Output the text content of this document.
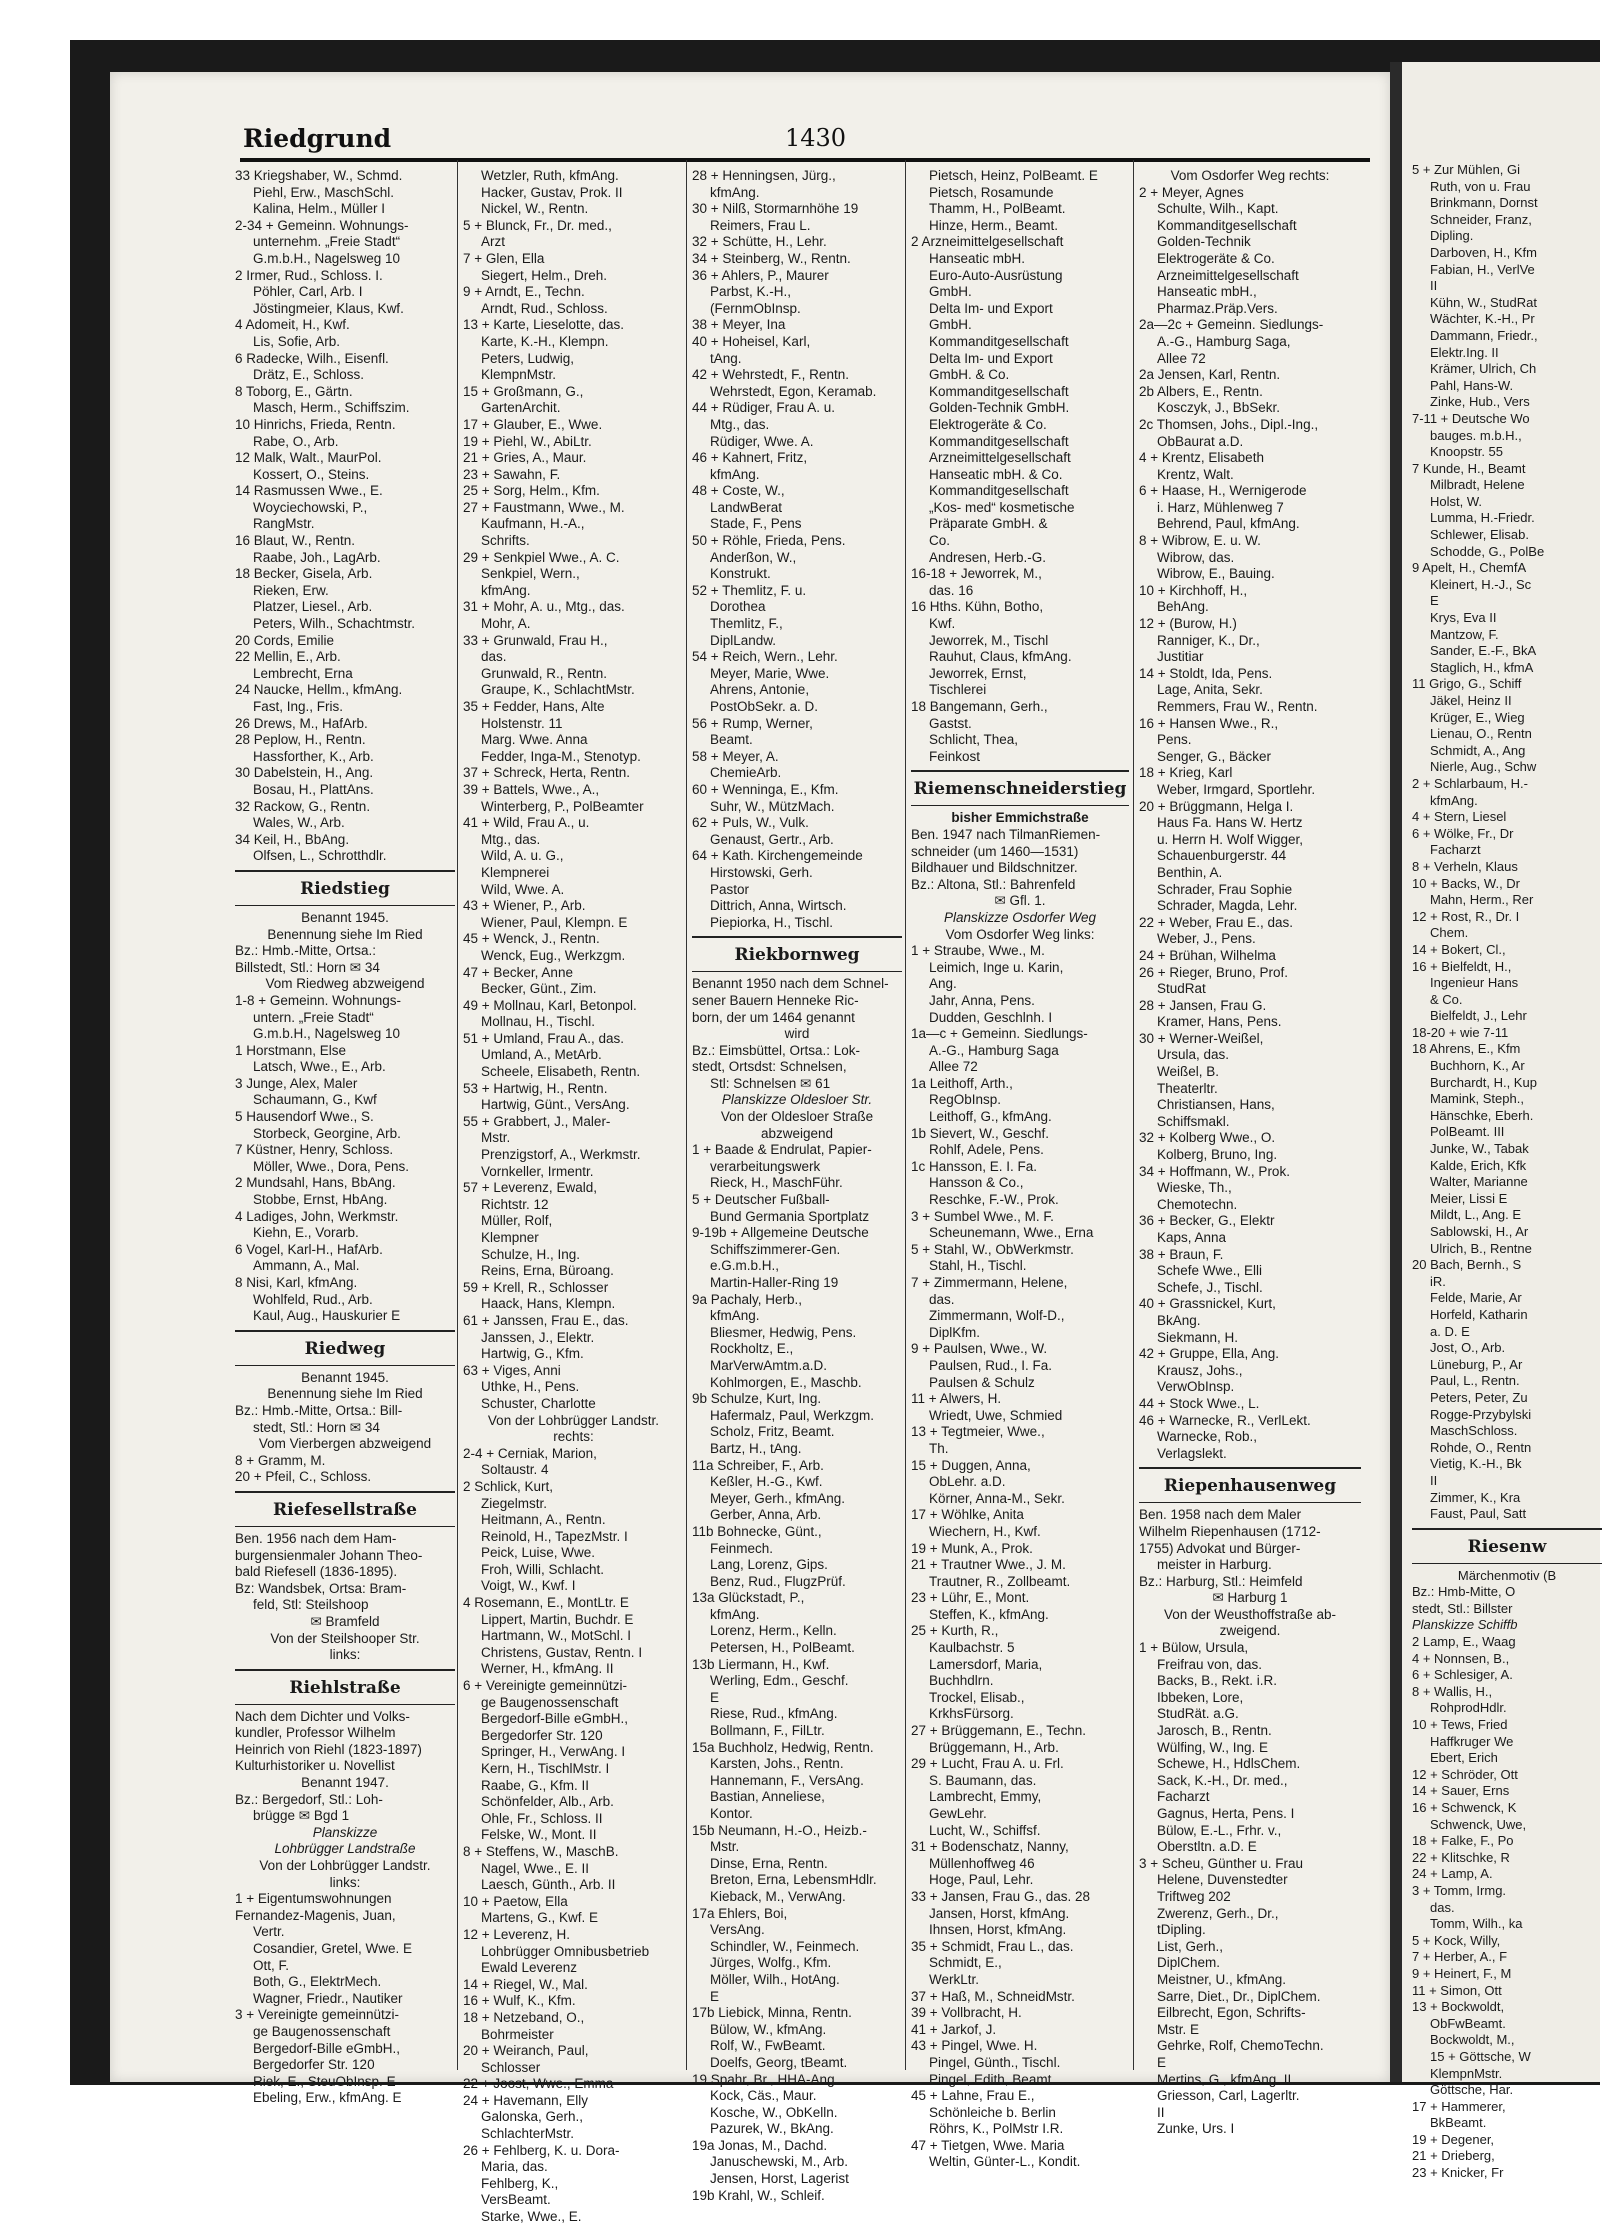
5 + Zur Mühlen, Gi
Ruth, von u. Frau
Brinkmann, Dornst
Schneider, Franz,
Dipling.
Darboven, H., Kfm
Fabian, H., VerlVe
II
Kühn, W., StudRat
Wächter, K.-H., Pr
Dammann, Friedr.,
Elektr.Ing. II
Krämer, Ulrich, Ch
Pahl, Hans-W.
Zinke, Hub., Vers
7-11 + Deutsche Wo
bauges. m.b.H.,
Knoopstr. 55
7 Kunde, H., Beamt
Milbradt, Helene
Holst, W.
Lumma, H.-Friedr.
Schlewer, Elisab.
Schodde, G., PolBe
9 Apelt, H., ChemfA
Kleinert, H.-J., Sc
E
Krys, Eva II
Mantzow, F.
Sander, E.-F., BkA
Staglich, H., kfmA
11 Grigo, G., Schiff
Jäkel, Heinz II
Krüger, E., Wieg
Lienau, O., Rentn
Schmidt, A., Ang
Nierle, Aug., Schw
2 + Schlarbaum, H.-
kfmAng.
4 + Stern, Liesel
6 + Wölke, Fr., Dr
Facharzt
8 + Verheln, Klaus
10 + Backs, W., Dr
Mahn, Herm., Rer
12 + Rost, R., Dr. I
Chem.
14 + Bokert, Cl.,
16 + Bielfeldt, H.,
Ingenieur Hans
& Co.
Bielfeldt, J., Lehr
18-20 + wie 7-11
18 Ahrens, E., Kfm
Buchhorn, K., Ar
Burchardt, H., Kup
Mamink, Steph.,
Hänschke, Eberh.
PolBeamt. III
Junke, W., Tabak
Kalde, Erich, Kfk
Walter, Marianne
Meier, Lissi E
Mildt, L., Ang. E
Sablowski, H., Ar
Ulrich, B., Rentne
20 Bach, Bernh., S
iR.
Felde, Marie, Ar
Horfeld, Katharin
a. D. E
Jost, O., Arb.
Lüneburg, P., Ar
Paul, L., Rentn.
Peters, Peter, Zu
Rogge-Przybylski
MaschSchloss.
Rohde, O., Rentn
Vietig, K.-H., Bk
II
Zimmer, K., Kra
Faust, Paul, Satt
Riesenw
Märchenmotiv (B
Bz.: Hmb-Mitte, O
stedt, Stl.: Billster
Planskizze Schiffb
2 Lamp, E., Waag
4 + Nonnsen, B.,
6 + Schlesiger, A.
8 + Wallis, H.,
RohprodHdlr.
10 + Tews, Fried
Haffkruger We
Ebert, Erich
12 + Schröder, Ott
14 + Sauer, Erns
16 + Schwenck, K
Schwenck, Uwe,
18 + Falke, F., Po
22 + Klitschke, R
24 + Lamp, A.
3 + Tomm, Irmg.
das.
Tomm, Wilh., ka
5 + Kock, Willy,
7 + Herber, A., F
9 + Heinert, F., M
11 + Simon, Ott
13 + Bockwoldt,
ObFwBeamt.
Bockwoldt, M.,
15 + Göttsche, W
KlempnMstr.
Göttsche, Har.
17 + Hammerer,
BkBeamt.
19 + Degener,
21 + Drieberg,
23 + Knicker, Fr
Riedgrund	1430
33 Kriegshaber, W., Schmd.
Piehl, Erw., MaschSchl.
Kalina, Helm., Müller I
2-34 + Gemeinn. Wohnungs-
unternehm. „Freie Stadt“
G.m.b.H., Nagelsweg 10
2 Irmer, Rud., Schloss. I.
Pöhler, Carl, Arb. I
Jöstingmeier, Klaus, Kwf.
4 Adomeit, H., Kwf.
Lis, Sofie, Arb.
6 Radecke, Wilh., Eisenfl.
Drätz, E., Schloss.
8 Toborg, E., Gärtn.
Masch, Herm., Schiffszim.
10 Hinrichs, Frieda, Rentn.
Rabe, O., Arb.
12 Malk, Walt., MaurPol.
Kossert, O., Steins.
14 Rasmussen Wwe., E.
Woyciechowski, P.,
RangMstr.
16 Blaut, W., Rentn.
Raabe, Joh., LagArb.
18 Becker, Gisela, Arb.
Rieken, Erw.
Platzer, Liesel., Arb.
Peters, Wilh., Schachtmstr.
20 Cords, Emilie
22 Mellin, E., Arb.
Lembrecht, Erna
24 Naucke, Hellm., kfmAng.
Fast, Ing., Fris.
26 Drews, M., HafArb.
28 Peplow, H., Rentn.
Hassforther, K., Arb.
30 Dabelstein, H., Ang.
Bosau, H., PlattAns.
32 Rackow, G., Rentn.
Wales, W., Arb.
34 Keil, H., BbAng.
Olfsen, L., Schrotthdlr.
Riedstieg
Benannt 1945.
Benennung siehe Im Ried
Bz.: Hmb.-Mitte, Ortsa.:
Billstedt, Stl.: Horn ✉ 34
Vom Riedweg abzweigend
1-8 + Gemeinn. Wohnungs-
untern. „Freie Stadt“
G.m.b.H., Nagelsweg 10
1 Horstmann, Else
Latsch, Wwe., E., Arb.
3 Junge, Alex, Maler
Schaumann, G., Kwf
5 Hausendorf Wwe., S.
Storbeck, Georgine, Arb.
7 Küstner, Henry, Schloss.
Möller, Wwe., Dora, Pens.
2 Mundsahl, Hans, BbAng.
Stobbe, Ernst, HbAng.
4 Ladiges, John, Werkmstr.
Kiehn, E., Vorarb.
6 Vogel, Karl-H., HafArb.
Ammann, A., Mal.
8 Nisi, Karl, kfmAng.
Wohlfeld, Rud., Arb.
Kaul, Aug., Hauskurier E
Riedweg
Benannt 1945.
Benennung siehe Im Ried
Bz.: Hmb.-Mitte, Ortsa.: Bill-
stedt, Stl.: Horn ✉ 34
Vom Vierbergen abzweigend
8 + Gramm, M.
20 + Pfeil, C., Schloss.
Riefesellstraße
Ben. 1956 nach dem Ham-
burgensienmaler Johann Theo-
bald Riefesell (1836-1895).
Bz: Wandsbek, Ortsa: Bram-
feld, Stl: Steilshoop
✉ Bramfeld
Von der Steilshooper Str.
links:
Riehlstraße
Nach dem Dichter und Volks-
kundler, Professor Wilhelm
Heinrich von Riehl (1823-1897)
Kulturhistoriker u. Novellist
Benannt 1947.
Bz.: Bergedorf, Stl.: Loh-
brügge ✉ Bgd 1
Planskizze
Lohbrügger Landstraße
Von der Lohbrügger Landstr.
links:
1 + Eigentumswohnungen
Fernandez-Magenis, Juan,
Vertr.
Cosandier, Gretel, Wwe. E
Ott, F.
Both, G., ElektrMech.
Wagner, Friedr., Nautiker
3 + Vereinigte gemeinnützi-
ge Baugenossenschaft
Bergedorf-Bille eGmbH.,
Bergedorfer Str. 120
Riek, E., SteuObInsp. E
Ebeling, Erw., kfmAng. E
Wetzler, Ruth, kfmAng.
Hacker, Gustav, Prok. II
Nickel, W., Rentn.
5 + Blunck, Fr., Dr. med.,
Arzt
7 + Glen, Ella
Siegert, Helm., Dreh.
9 + Arndt, E., Techn.
Arndt, Rud., Schloss.
13 + Karte, Lieselotte, das.
Karte, K.-H., Klempn.
Peters, Ludwig,
KlempnMstr.
15 + Großmann, G.,
GartenArchit.
17 + Glauber, E., Wwe.
19 + Piehl, W., AbiLtr.
21 + Gries, A., Maur.
23 + Sawahn, F.
25 + Sorg, Helm., Kfm.
27 + Faustmann, Wwe., M.
Kaufmann, H.-A.,
Schrifts.
29 + Senkpiel Wwe., A. C.
Senkpiel, Wern.,
kfmAng.
31 + Mohr, A. u., Mtg., das.
Mohr, A.
33 + Grunwald, Frau H.,
das.
Grunwald, R., Rentn.
Graupe, K., SchlachtMstr.
35 + Fedder, Hans, Alte
Holstenstr. 11
Marg. Wwe. Anna
Fedder, Inga-M., Stenotyp.
37 + Schreck, Herta, Rentn.
39 + Battels, Wwe., A.,
Winterberg, P., PolBeamter
41 + Wild, Frau A., u.
Mtg., das.
Wild, A. u. G.,
Klempnerei
Wild, Wwe. A.
43 + Wiener, P., Arb.
Wiener, Paul, Klempn. E
45 + Wenck, J., Rentn.
Wenck, Eug., Werkzgm.
47 + Becker, Anne
Becker, Günt., Zim.
49 + Mollnau, Karl, Betonpol.
Mollnau, H., Tischl.
51 + Umland, Frau A., das.
Umland, A., MetArb.
Scheele, Elisabeth, Rentn.
53 + Hartwig, H., Rentn.
Hartwig, Günt., VersAng.
55 + Grabbert, J., Maler-
Mstr.
Prenzigstorf, A., Werkmstr.
Vornkeller, Irmentr.
57 + Leverenz, Ewald,
Richtstr. 12
Müller, Rolf,
Klempner
Schulze, H., Ing.
Reins, Erna, Büroang.
59 + Krell, R., Schlosser
Haack, Hans, Klempn.
61 + Janssen, Frau E., das.
Janssen, J., Elektr.
Hartwig, G., Kfm.
63 + Viges, Anni
Uthke, H., Pens.
Schuster, Charlotte
Von der Lohbrügger Landstr.
rechts:
2-4 + Cerniak, Marion,
Soltaustr. 4
2 Schlick, Kurt,
Ziegelmstr.
Heitmann, A., Rentn.
Reinold, H., TapezMstr. I
Peick, Luise, Wwe.
Froh, Willi, Schlacht.
Voigt, W., Kwf. I
4 Rosemann, E., MontLtr. E
Lippert, Martin, Buchdr. E
Hartmann, W., MotSchl. I
Christens, Gustav, Rentn. I
Werner, H., kfmAng. II
6 + Vereinigte gemeinnützi-
ge Baugenossenschaft
Bergedorf-Bille eGmbH.,
Bergedorfer Str. 120
Springer, H., VerwAng. I
Kern, H., TischlMstr. I
Raabe, G., Kfm. II
Schönfelder, Alb., Arb.
Ohle, Fr., Schloss. II
Felske, W., Mont. II
8 + Steffens, W., MaschB.
Nagel, Wwe., E. II
Laesch, Günth., Arb. II
10 + Paetow, Ella
Martens, G., Kwf. E
12 + Leverenz, H.
Lohbrügger Omnibusbetrieb
Ewald Leverenz
14 + Riegel, W., Mal.
16 + Wulf, K., Kfm.
18 + Netzeband, O.,
Bohrmeister
20 + Weiranch, Paul,
Schlosser
22 + Joost, Wwe., Emma
24 + Havemann, Elly
Galonska, Gerh.,
SchlachterMstr.
26 + Fehlberg, K. u. Dora-
Maria, das.
Fehlberg, K.,
VersBeamt.
Starke, Wwe., E.
28 + Henningsen, Jürg.,
kfmAng.
30 + Nilß, Stormarnhöhe 19
Reimers, Frau L.
32 + Schütte, H., Lehr.
34 + Steinberg, W., Rentn.
36 + Ahlers, P., Maurer
Parbst, K.-H.,
(FernmObInsp.
38 + Meyer, Ina
40 + Hoheisel, Karl,
tAng.
42 + Wehrstedt, F., Rentn.
Wehrstedt, Egon, Keramab.
44 + Rüdiger, Frau A. u.
Mtg., das.
Rüdiger, Wwe. A.
46 + Kahnert, Fritz,
kfmAng.
48 + Coste, W.,
LandwBerat
Stade, F., Pens
50 + Röhle, Frieda, Pens.
Anderßon, W.,
Konstrukt.
52 + Themlitz, F. u.
Dorothea
Themlitz, F.,
DiplLandw.
54 + Reich, Wern., Lehr.
Meyer, Marie, Wwe.
Ahrens, Antonie,
PostObSekr. a. D.
56 + Rump, Werner,
Beamt.
58 + Meyer, A.
ChemieArb.
60 + Wenninga, E., Kfm.
Suhr, W., MützMach.
62 + Puls, W., Vulk.
Genaust, Gertr., Arb.
64 + Kath. Kirchengemeinde
Hirstowski, Gerh.
Pastor
Dittrich, Anna, Wirtsch.
Piepiorka, H., Tischl.
Riekbornweg
Benannt 1950 nach dem Schnel-
sener Bauern Henneke Ric-
born, der um 1464 genannt
wird
Bz.: Eimsbüttel, Ortsa.: Lok-
stedt, Ortsdst: Schnelsen,
Stl: Schnelsen ✉ 61
Planskizze Oldesloer Str.
Von der Oldesloer Straße
abzweigend
1 + Baade & Endrulat, Papier-
verarbeitungswerk
Rieck, H., MaschFühr.
5 + Deutscher Fußball-
Bund Germania Sportplatz
9-19b + Allgemeine Deutsche
Schiffszimmerer-Gen.
e.G.m.b.H.,
Martin-Haller-Ring 19
9a Pachaly, Herb.,
kfmAng.
Bliesmer, Hedwig, Pens.
Rockholtz, E.,
MarVerwAmtm.a.D.
Kohlmorgen, E., Maschb.
9b Schulze, Kurt, Ing.
Hafermalz, Paul, Werkzgm.
Scholz, Fritz, Beamt.
Bartz, H., tAng.
11a Schreiber, F., Arb.
Keßler, H.-G., Kwf.
Meyer, Gerh., kfmAng.
Gerber, Anna, Arb.
11b Bohnecke, Günt.,
Feinmech.
Lang, Lorenz, Gips.
Benz, Rud., FlugzPrüf.
13a Glückstadt, P.,
kfmAng.
Lorenz, Herm., Kelln.
Petersen, H., PolBeamt.
13b Liermann, H., Kwf.
Werling, Edm., Geschf.
E
Riese, Rud., kfmAng.
Bollmann, F., FilLtr.
15a Buchholz, Hedwig, Rentn.
Karsten, Johs., Rentn.
Hannemann, F., VersAng.
Bastian, Anneliese,
Kontor.
15b Neumann, H.-O., Heizb.-
Mstr.
Dinse, Erna, Rentn.
Breton, Erna, LebensmHdlr.
Kieback, M., VerwAng.
17a Ehlers, Boi,
VersAng.
Schindler, W., Feinmech.
Jürges, Wolfg., Kfm.
Möller, Wilh., HotAng.
E
17b Liebick, Minna, Rentn.
Bülow, W., kfmAng.
Rolf, W., FwBeamt.
Doelfs, Georg, tBeamt.
19 Spahr, Br., HHA-Ang.
Kock, Cäs., Maur.
Kosche, W., ObKelln.
Pazurek, W., BkAng.
19a Jonas, M., Dachd.
Januschewski, M., Arb.
Jensen, Horst, Lagerist
19b Krahl, W., Schleif.
Pietsch, Heinz, PolBeamt. E
Pietsch, Rosamunde
Thamm, H., PolBeamt.
Hinze, Herm., Beamt.
2 Arzneimittelgesellschaft
Hanseatic mbH.
Euro-Auto-Ausrüstung
GmbH.
Delta Im- und Export
GmbH.
Kommanditgesellschaft
Delta Im- und Export
GmbH. & Co.
Kommanditgesellschaft
Golden-Technik GmbH.
Elektrogeräte & Co.
Kommanditgesellschaft
Arzneimittelgesellschaft
Hanseatic mbH. & Co.
Kommanditgesellschaft
„Kos- med“ kosmetische
Präparate GmbH. &
Co.
Andresen, Herb.-G.
16-18 + Jeworrek, M.,
das. 16
16 Hths. Kühn, Botho,
Kwf.
Jeworrek, M., Tischl
Rauhut, Claus, kfmAng.
Jeworrek, Ernst,
Tischlerei
18 Bangemann, Gerh.,
Gastst.
Schlicht, Thea,
Feinkost
Riemenschneiderstieg
bisher Emmichstraße
Ben. 1947 nach TilmanRiemen-
schneider (um 1460—1531)
Bildhauer und Bildschnitzer.
Bz.: Altona, Stl.: Bahrenfeld
✉ Gfl. 1.
Planskizze Osdorfer Weg
Vom Osdorfer Weg links:
1 + Straube, Wwe., M.
Leimich, Inge u. Karin,
Ang.
Jahr, Anna, Pens.
Dudden, Geschlnh. I
1a—c + Gemeinn. Siedlungs-
A.-G., Hamburg Saga
Allee 72
1a Leithoff, Arth.,
RegObInsp.
Leithoff, G., kfmAng.
1b Sievert, W., Geschf.
Rohlf, Adele, Pens.
1c Hansson, E. I. Fa.
Hansson & Co.,
Reschke, F.-W., Prok.
3 + Sumbel Wwe., M. F.
Scheunemann, Wwe., Erna
5 + Stahl, W., ObWerkmstr.
Stahl, H., Tischl.
7 + Zimmermann, Helene,
das.
Zimmermann, Wolf-D.,
DiplKfm.
9 + Paulsen, Wwe., W.
Paulsen, Rud., I. Fa.
Paulsen & Schulz
11 + Alwers, H.
Wriedt, Uwe, Schmied
13 + Tegtmeier, Wwe.,
Th.
15 + Duggen, Anna,
ObLehr. a.D.
Körner, Anna-M., Sekr.
17 + Wöhlke, Anita
Wiechern, H., Kwf.
19 + Munk, A., Prok.
21 + Trautner Wwe., J. M.
Trautner, R., Zollbeamt.
23 + Lühr, E., Mont.
Steffen, K., kfmAng.
25 + Kurth, R.,
Kaulbachstr. 5
Lamersdorf, Maria,
Buchhdlrn.
Trockel, Elisab.,
KrkhsFürsorg.
27 + Brüggemann, E., Techn.
Brüggemann, H., Arb.
29 + Lucht, Frau A. u. Frl.
S. Baumann, das.
Lambrecht, Emmy,
GewLehr.
Lucht, W., Schiffsf.
31 + Bodenschatz, Nanny,
Müllenhoffweg 46
Hoge, Paul, Lehr.
33 + Jansen, Frau G., das. 28
Jansen, Horst, kfmAng.
Ihnsen, Horst, kfmAng.
35 + Schmidt, Frau L., das.
Schmidt, E.,
WerkLtr.
37 + Haß, M., SchneidMstr.
39 + Vollbracht, H.
41 + Jarkof, J.
43 + Pingel, Wwe. H.
Pingel, Günth., Tischl.
Pingel, Edith, Beamt.
45 + Lahne, Frau E.,
Schönleiche b. Berlin
Röhrs, K., PolMstr I.R.
47 + Tietgen, Wwe. Maria
Weltin, Günter-L., Kondit.
Vom Osdorfer Weg rechts:
2 + Meyer, Agnes
Schulte, Wilh., Kapt.
Kommanditgesellschaft
Golden-Technik
Elektrogeräte & Co.
Arzneimittelgesellschaft
Hanseatic mbH.,
Pharmaz.Präp.Vers.
2a—2c + Gemeinn. Siedlungs-
A.-G., Hamburg Saga,
Allee 72
2a Jensen, Karl, Rentn.
2b Albers, E., Rentn.
Kosczyk, J., BbSekr.
2c Thomsen, Johs., Dipl.-Ing.,
ObBaurat a.D.
4 + Krentz, Elisabeth
Krentz, Walt.
6 + Haase, H., Wernigerode
i. Harz, Mühlenweg 7
Behrend, Paul, kfmAng.
8 + Wibrow, E. u. W.
Wibrow, das.
Wibrow, E., Bauing.
10 + Kirchhoff, H.,
BehAng.
12 + (Burow, H.)
Ranniger, K., Dr.,
Justitiar
14 + Stoldt, Ida, Pens.
Lage, Anita, Sekr.
Remmers, Frau W., Rentn.
16 + Hansen Wwe., R.,
Pens.
Senger, G., Bäcker
18 + Krieg, Karl
Weber, Irmgard, Sportlehr.
20 + Brüggmann, Helga I.
Haus Fa. Hans W. Hertz
u. Herrn H. Wolf Wigger,
Schauenburgerstr. 44
Benthin, A.
Schrader, Frau Sophie
Schrader, Magda, Lehr.
22 + Weber, Frau E., das.
Weber, J., Pens.
24 + Brühan, Wilhelma
26 + Rieger, Bruno, Prof.
StudRat
28 + Jansen, Frau G.
Kramer, Hans, Pens.
30 + Werner-Weißel,
Ursula, das.
Weißel, B.
Theaterltr.
Christiansen, Hans,
Schiffsmakl.
32 + Kolberg Wwe., O.
Kolberg, Bruno, Ing.
34 + Hoffmann, W., Prok.
Wieske, Th.,
Chemotechn.
36 + Becker, G., Elektr
Kaps, Anna
38 + Braun, F.
Schefe Wwe., Elli
Schefe, J., Tischl.
40 + Grassnickel, Kurt,
BkAng.
Siekmann, H.
42 + Gruppe, Ella, Ang.
Krausz, Johs.,
VerwObInsp.
44 + Stock Wwe., L.
46 + Warnecke, R., VerlLekt.
Warnecke, Rob.,
Verlagslekt.
Riepenhausenweg
Ben. 1958 nach dem Maler
Wilhelm Riepenhausen (1712-
1755) Advokat und Bürger-
meister in Harburg.
Bz.: Harburg, Stl.: Heimfeld
✉ Harburg 1
Von der Weusthoffstraße ab-
zweigend.
1 + Bülow, Ursula,
Freifrau von, das.
Backs, B., Rekt. i.R.
Ibbeken, Lore,
StudRät. a.G.
Jarosch, B., Rentn.
Wülfing, W., Ing. E
Schewe, H., HdlsChem.
Sack, K.-H., Dr. med.,
Facharzt
Gagnus, Herta, Pens. I
Bülow, E.-L., Frhr. v.,
Oberstltn. a.D. E
3 + Scheu, Günther u. Frau
Helene, Duvenstedter
Triftweg 202
Zwerenz, Gerh., Dr.,
tDipling.
List, Gerh.,
DiplChem.
Meistner, U., kfmAng.
Sarre, Diet., Dr., DiplChem.
Eilbrecht, Egon, Schrifts-
Mstr. E
Gehrke, Rolf, ChemoTechn.
E
Mertins, G., kfmAng. II
Griesson, Carl, Lagerltr.
II
Zunke, Urs. I
